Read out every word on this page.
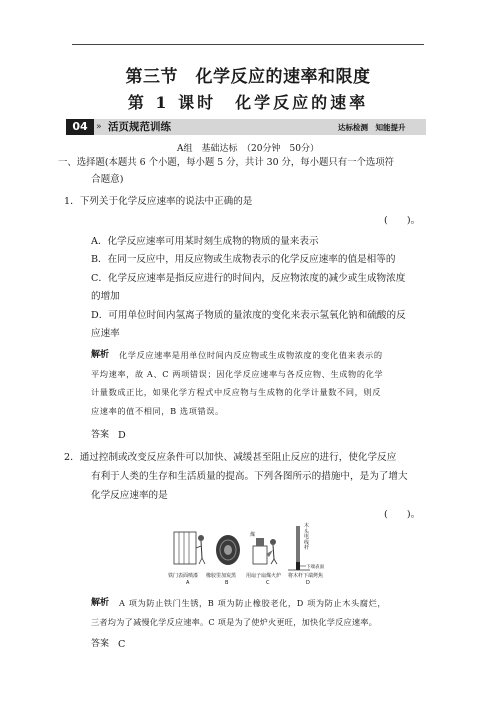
第三节　化学反应的速率和限度
第 1 课时　化学反应的速率
04 » 活页规范训练	达标检测　知能提升
A组　基础达标　（20分钟　50分）
一、选择题(本题共 6 个小题，每小题 5 分，共计 30 分，每小题只有一个选项符
合题意)
1．下列关于化学反应速率的说法中正确的是
(　　)。
A．化学反应速率可用某时刻生成物的物质的量来表示
B．在同一反应中，用反应物或生成物表示的化学反应速率的值是相等的
C．化学反应速率是指反应进行的时间内，反应物浓度的减少或生成物浓度
的增加
D．可用单位时间内氢离子物质的量浓度的变化来表示氢氧化钠和硫酸的反
应速率
解析 化学反应速率是用单位时间内反应物或生成物浓度的变化值来表示的
平均速率，故 A、C 两项错误；因化学反应速率与各反应物、生成物的化学
计量数成正比，如果化学方程式中反应物与生成物的化学计量数不同，则反
应速率的值不相同，B 选项错误。
答案 D
2．通过控制或改变反应条件可以加快、减缓甚至阻止反应的进行，使化学反应
有利于人类的生存和生活质量的提高。下列各图所示的措施中，是为了增大
化学反应速率的是
(　　)。
煤
下端表面
木头电线杆
铁门表面喷漆 橡胶里加炭黑 用扇子扇煤火炉 将木杆下端烤焦
A	B	C	D
解析 A 项为防止铁门生锈，B 项为防止橡胶老化，D 项为防止木头腐烂，
三者均为了减慢化学反应速率。C 项是为了使炉火更旺，加快化学反应速率。
答案 C
